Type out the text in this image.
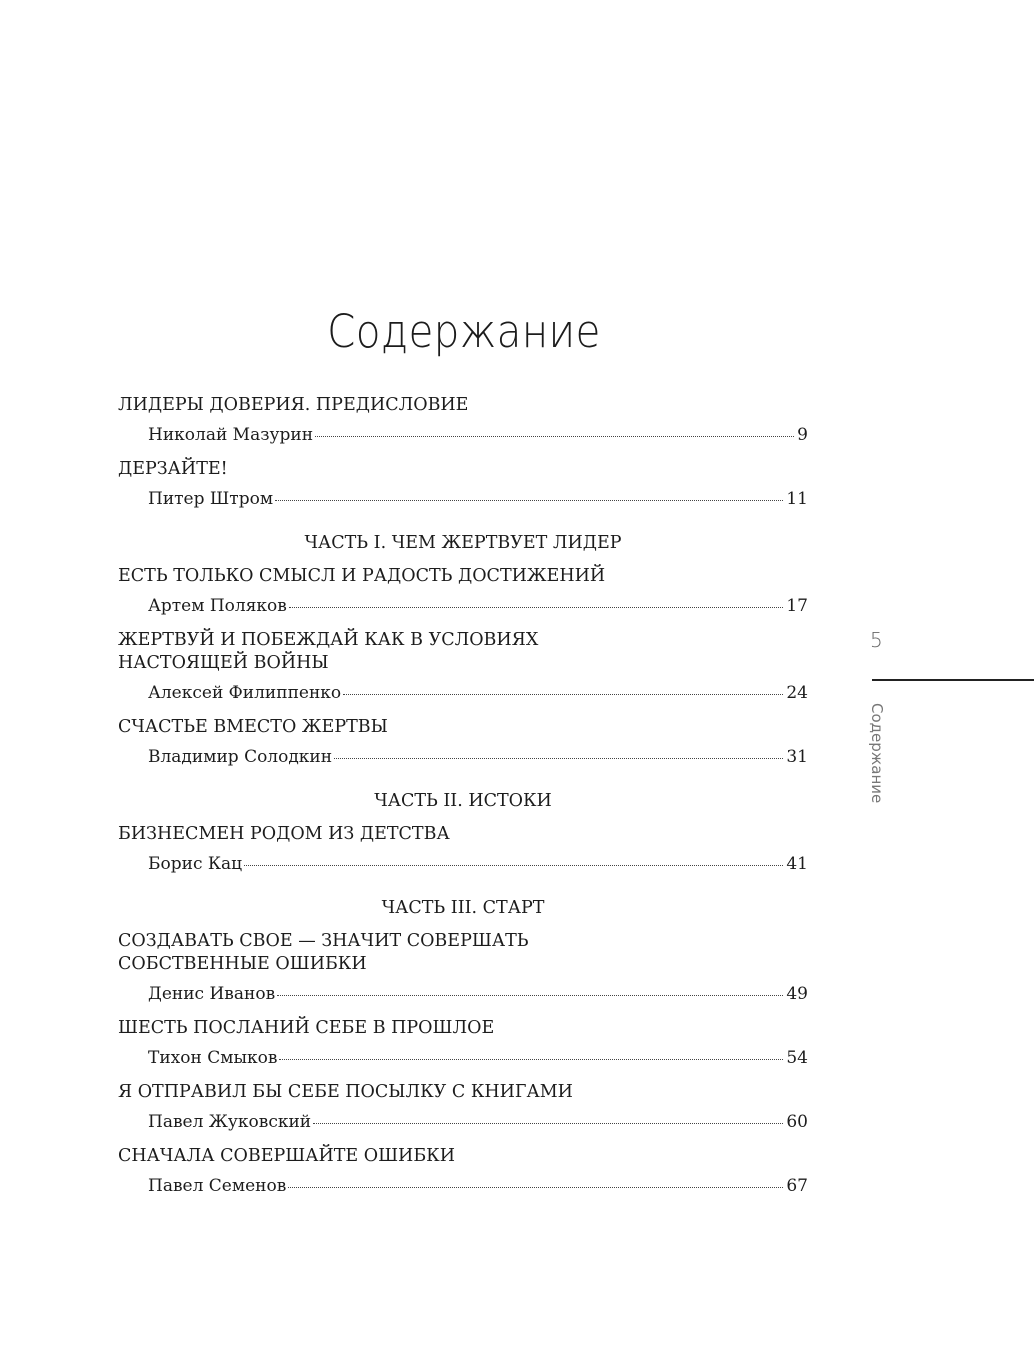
Содержание
ЛИДЕРЫ ДОВЕРИЯ. ПРЕДИСЛОВИЕ
Николай Мазурин	9
ДЕРЗАЙТЕ!
Питер Штром	11
ЧАСТЬ I. ЧЕМ ЖЕРТВУЕТ ЛИДЕР
ЕСТЬ ТОЛЬКО СМЫСЛ И РАДОСТЬ ДОСТИЖЕНИЙ
Артем Поляков	17
ЖЕРТВУЙ И ПОБЕЖДАЙ КАК В УСЛОВИЯХ НАСТОЯЩЕЙ ВОЙНЫ
Алексей Филиппенко	24
СЧАСТЬЕ ВМЕСТО ЖЕРТВЫ
Владимир Солодкин	31
ЧАСТЬ II. ИСТОКИ
БИЗНЕСМЕН РОДОМ ИЗ ДЕТСТВА
Борис Кац	41
ЧАСТЬ III. СТАРТ
СОЗДАВАТЬ СВОЕ — ЗНАЧИТ СОВЕРШАТЬ СОБСТВЕННЫЕ ОШИБКИ
Денис Иванов	49
ШЕСТЬ ПОСЛАНИЙ СЕБЕ В ПРОШЛОЕ
Тихон Смыков	54
Я ОТПРАВИЛ БЫ СЕБЕ ПОСЫЛКУ С КНИГАМИ
Павел Жуковский	60
СНАЧАЛА СОВЕРШАЙТЕ ОШИБКИ
Павел Семенов	67
5
Содержание
